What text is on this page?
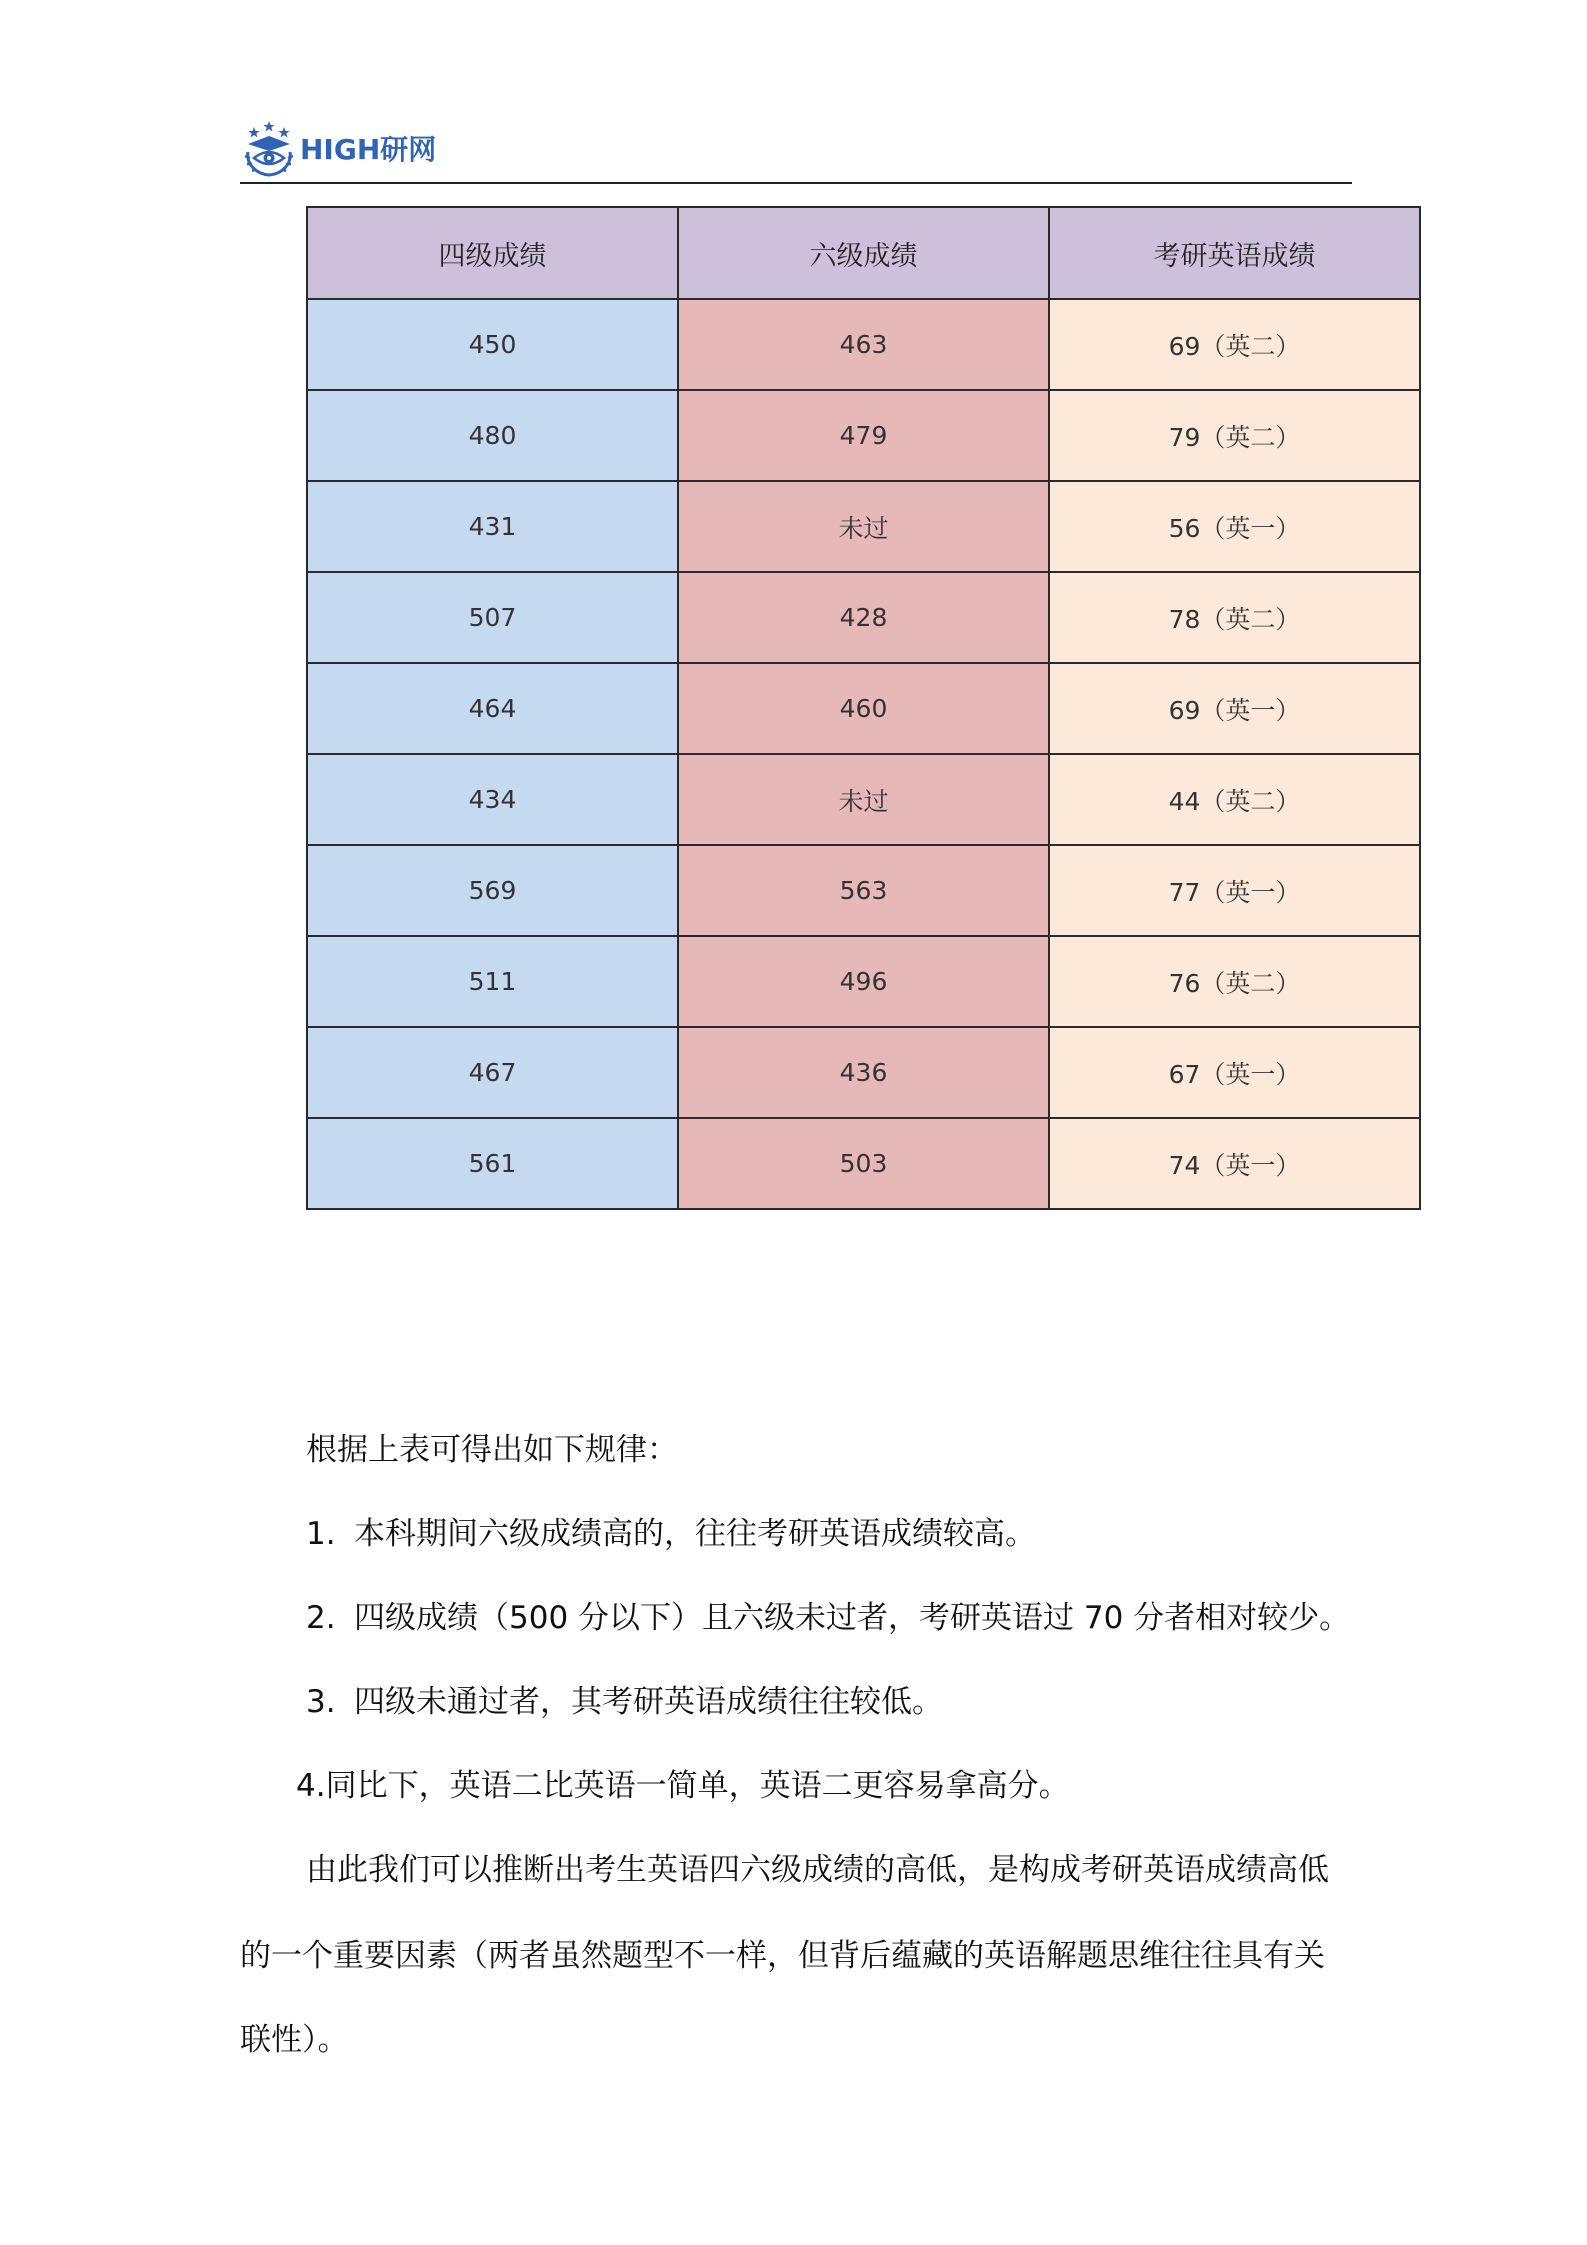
HIGH研网
四级成绩	六级成绩	考研英语成绩
450	463	69（英二）
480	479	79（英二）
431	未过	56（英一）
507	428	78（英二）
464	460	69（英一）
434	未过	44（英二）
569	563	77（英一）
511	496	76（英二）
467	436	67（英一）
561	503	74（英一）
根据上表可得出如下规律：
1. 本科期间六级成绩高的，往往考研英语成绩较高。
2. 四级成绩（500 分以下）且六级未过者，考研英语过 70 分者相对较少。
3. 四级未通过者，其考研英语成绩往往较低。
4.同比下，英语二比英语一简单，英语二更容易拿高分。
由此我们可以推断出考生英语四六级成绩的高低，是构成考研英语成绩高低
的一个重要因素（两者虽然题型不一样，但背后蕴藏的英语解题思维往往具有关
联性）。
